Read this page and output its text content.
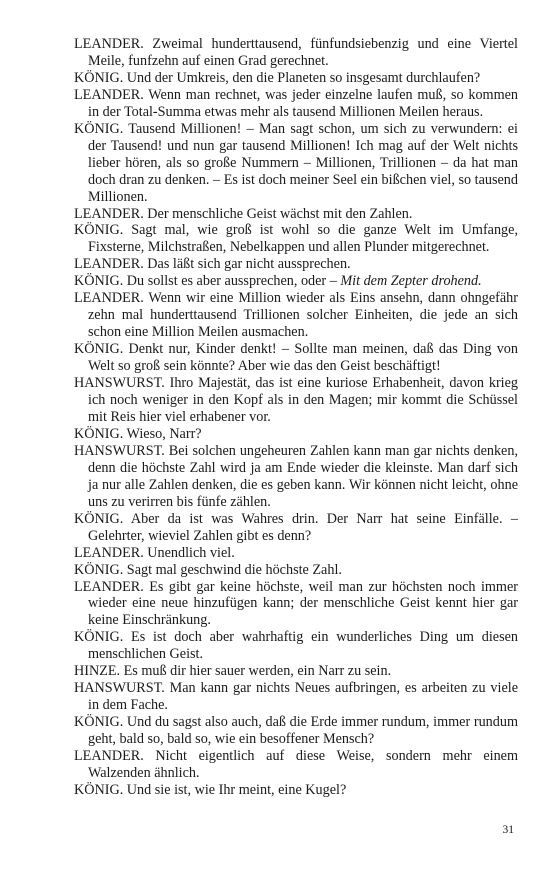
LEANDER. Zweimal hunderttausend, fünfundsiebenzig und eine Viertel Meile, funfzehn auf einen Grad gerechnet.

KÖNIG. Und der Umkreis, den die Planeten so insgesamt durchlaufen?

LEANDER. Wenn man rechnet, was jeder einzelne laufen muß, so kommen in der Total-Summa etwas mehr als tausend Millionen Meilen heraus.

KÖNIG. Tausend Millionen! – Man sagt schon, um sich zu verwundern: ei der Tausend! und nun gar tausend Millionen! Ich mag auf der Welt nichts lieber hören, als so große Nummern – Millionen, Trillionen – da hat man doch dran zu denken. – Es ist doch meiner Seel ein bißchen viel, so tausend Millionen.

LEANDER. Der menschliche Geist wächst mit den Zahlen.

KÖNIG. Sagt mal, wie groß ist wohl so die ganze Welt im Umfange, Fixsterne, Milchstraßen, Nebelkappen und allen Plunder mitgerechnet.

LEANDER. Das läßt sich gar nicht aussprechen.

KÖNIG. Du sollst es aber aussprechen, oder – Mit dem Zepter drohend.

LEANDER. Wenn wir eine Million wieder als Eins ansehn, dann ohngefähr zehn mal hunderttausend Trillionen solcher Einheiten, die jede an sich schon eine Million Meilen ausmachen.

KÖNIG. Denkt nur, Kinder denkt! – Sollte man meinen, daß das Ding von Welt so groß sein könnte? Aber wie das den Geist beschäftigt!

HANSWURST. Ihro Majestät, das ist eine kuriose Erhabenheit, davon krieg ich noch weniger in den Kopf als in den Magen; mir kommt die Schüssel mit Reis hier viel erhabener vor.

KÖNIG. Wieso, Narr?

HANSWURST. Bei solchen ungeheuren Zahlen kann man gar nichts denken, denn die höchste Zahl wird ja am Ende wieder die kleinste. Man darf sich ja nur alle Zahlen denken, die es geben kann. Wir können nicht leicht, ohne uns zu verirren bis fünfe zählen.

KÖNIG. Aber da ist was Wahres drin. Der Narr hat seine Einfälle. – Gelehrter, wieviel Zahlen gibt es denn?

LEANDER. Unendlich viel.

KÖNIG. Sagt mal geschwind die höchste Zahl.

LEANDER. Es gibt gar keine höchste, weil man zur höchsten noch immer wieder eine neue hinzufügen kann; der menschliche Geist kennt hier gar keine Einschränkung.

KÖNIG. Es ist doch aber wahrhaftig ein wunderliches Ding um diesen menschlichen Geist.

HINZE. Es muß dir hier sauer werden, ein Narr zu sein.

HANSWURST. Man kann gar nichts Neues aufbringen, es arbeiten zu viele in dem Fache.

KÖNIG. Und du sagst also auch, daß die Erde immer rundum, immer rundum geht, bald so, bald so, wie ein besoffener Mensch?

LEANDER. Nicht eigentlich auf diese Weise, sondern mehr einem Walzenden ähnlich.

KÖNIG. Und sie ist, wie Ihr meint, eine Kugel?

31
